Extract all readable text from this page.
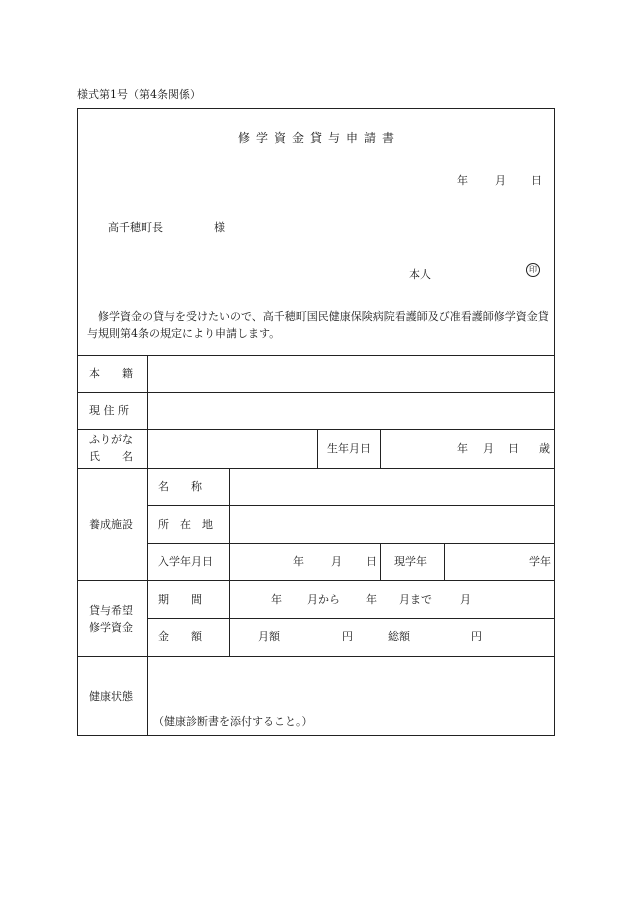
様式第1号（第4条関係）
修学資金貸与申請書
年 月 日
高千穂町長	様
本人	印
　修学資金の貸与を受けたいので、高千穂町国民健康保険病院看護師及び准看護師修学資金貸与規則第4条の規定により申請します。
本　　籍
現 住 所
ふりがな
氏　　名
生年月日	年 月 日 歳
養成施設
名　　称
所　在　地
入学年月日	年 月 日 現学年	学年
貸与希望
修学資金
期　　間	年 月から 年 月まで	月
金　　額	月額	円	総額	円
健康状態
（健康診断書を添付すること。）
